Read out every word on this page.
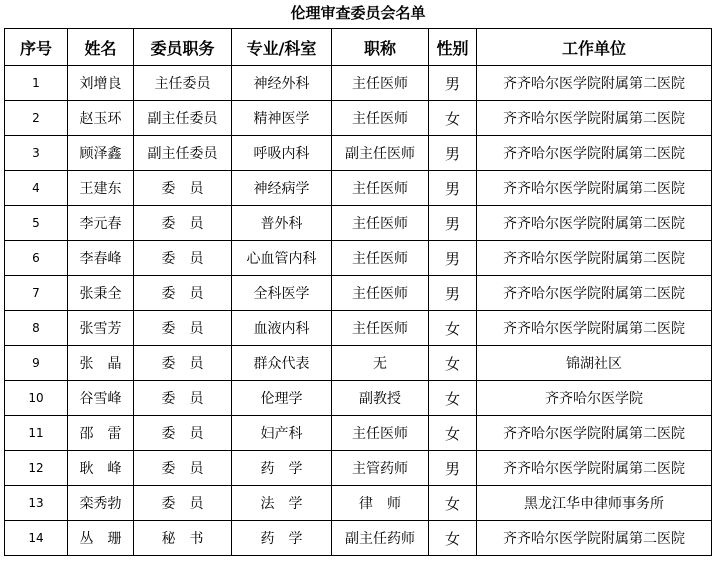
伦理审查委员会名单
序号	姓名	委员职务	专业/科室	职称	性别	工作单位
1	刘增良	主任委员	神经外科	主任医师	男	齐齐哈尔医学院附属第二医院
2	赵玉环	副主任委员	精神医学	主任医师	女	齐齐哈尔医学院附属第二医院
3	顾泽鑫	副主任委员	呼吸内科	副主任医师	男	齐齐哈尔医学院附属第二医院
4	王建东	委　员	神经病学	主任医师	男	齐齐哈尔医学院附属第二医院
5	李元春	委　员	普外科	主任医师	男	齐齐哈尔医学院附属第二医院
6	李春峰	委　员	心血管内科	主任医师	男	齐齐哈尔医学院附属第二医院
7	张秉全	委　员	全科医学	主任医师	男	齐齐哈尔医学院附属第二医院
8	张雪芳	委　员	血液内科	主任医师	女	齐齐哈尔医学院附属第二医院
9	张　晶	委　员	群众代表	无	女	锦湖社区
10	谷雪峰	委　员	伦理学	副教授	女	齐齐哈尔医学院
11	邵　雷	委　员	妇产科	主任医师	女	齐齐哈尔医学院附属第二医院
12	耿　峰	委　员	药　学	主管药师	男	齐齐哈尔医学院附属第二医院
13	栾秀勃	委　员	法　学	律　师	女	黑龙江华申律师事务所
14	丛　珊	秘　书	药　学	副主任药师	女	齐齐哈尔医学院附属第二医院
